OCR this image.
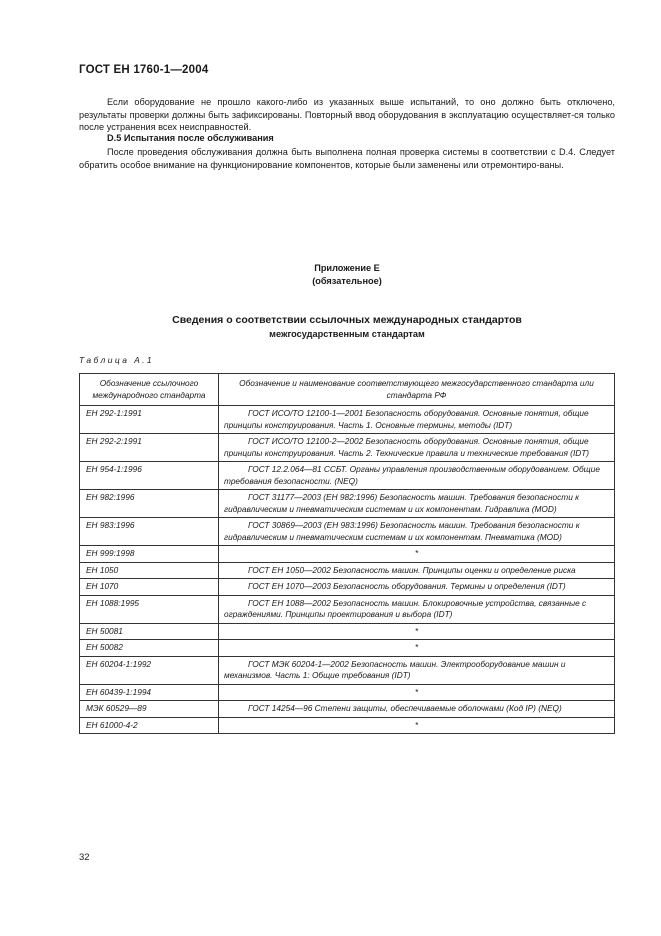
ГОСТ ЕН 1760-1—2004

Если оборудование не прошло какого-либо из указанных выше испытаний, то оно должно быть отключено, результаты проверки должны быть зафиксированы. Повторный ввод оборудования в эксплуатацию осуществляет-ся только после устранения всех неисправностей.

D.5 Испытания после обслуживания

После проведения обслуживания должна быть выполнена полная проверка системы в соответствии с D.4. Следует обратить особое внимание на функционирование компонентов, которые были заменены или отремонтиро-ваны.

Приложение Е
(обязательное)
Сведения о соответствии ссылочных международных стандартов
межгосударственным стандартам
Таблица А.1
Обозначение ссылочного международного стандарта	Обозначение и наименование соответствующего межгосударственного стандарта или стандарта РФ
ЕН 292-1:1991	ГОСТ ИСО/ТО 12100-1—2001 Безопасность оборудования. Основные понятия, общие принципы конструирования. Часть 1. Основные термины, методы (IDT)
ЕН 292-2:1991	ГОСТ ИСО/ТО 12100-2—2002 Безопасность оборудования. Основные понятия, общие принципы конструирования. Часть 2. Технические правила и технические требования (IDT)
ЕН 954-1:1996	ГОСТ 12.2.064—81 ССБТ. Органы управления производственным оборудованием. Общие требования безопасности. (NEQ)
ЕН 982:1996	ГОСТ 31177—2003 (ЕН 982:1996) Безопасность машин. Требования безопасности к гидравлическим и пневматическим системам и их компонентам. Гидравлика (MOD)
ЕН 983:1996	ГОСТ 30869—2003 (ЕН 983:1996) Безопасность машин. Требования безопасности к гидравлическим и пневматическим системам и их компонентам. Пневматика (MOD)
ЕН 999:1998	*
ЕН 1050	ГОСТ ЕН 1050—2002 Безопасность машин. Принципы оценки и определение риска
ЕН 1070	ГОСТ ЕН 1070—2003 Безопасность оборудования. Термины и определения (IDT)
ЕН 1088:1995	ГОСТ ЕН 1088—2002 Безопасность машин. Блокировочные устройства, связанные с ограждениями. Принципы проектирования и выбора (IDT)
ЕН 50081	*
ЕН 50082	*
ЕН 60204-1:1992	ГОСТ МЭК 60204-1—2002 Безопасность машин. Электрооборудование машин и механизмов. Часть 1: Общие требования (IDT)
ЕН 60439-1:1994	*
МЭК 60529—89	ГОСТ 14254—96 Степени защиты, обеспечиваемые оболочками (Код IP) (NEQ)
ЕН 61000-4-2	*
32
